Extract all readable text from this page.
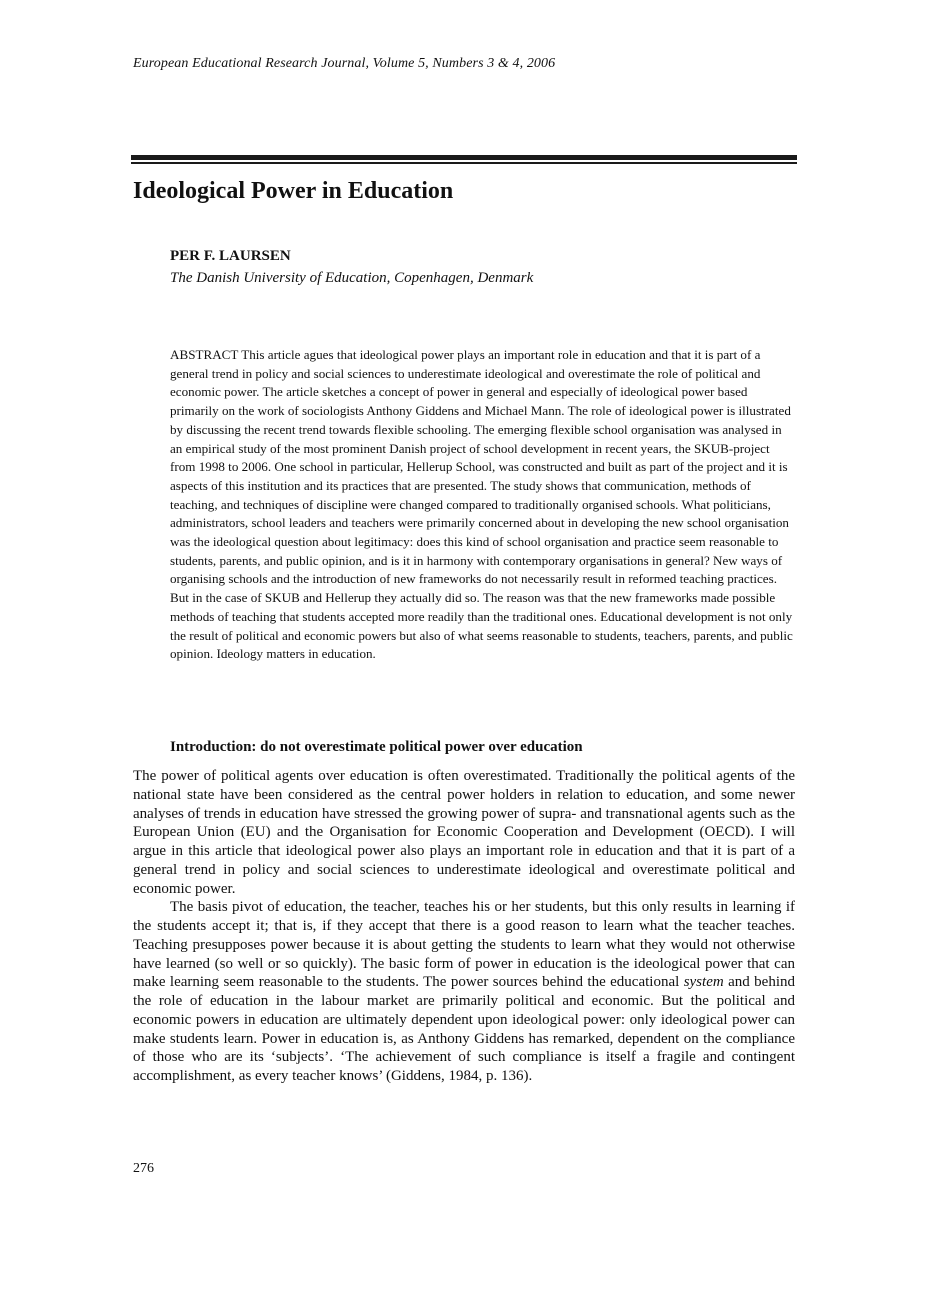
European Educational Research Journal, Volume 5, Numbers 3 & 4, 2006
Ideological Power in Education
PER F. LAURSEN
The Danish University of Education, Copenhagen, Denmark

ABSTRACT This article agues that ideological power plays an important role in education and that it is part of a general trend in policy and social sciences to underestimate ideological and overestimate the role of political and economic power. The article sketches a concept of power in general and especially of ideological power based primarily on the work of sociologists Anthony Giddens and Michael Mann. The role of ideological power is illustrated by discussing the recent trend towards flexible schooling. The emerging flexible school organisation was analysed in an empirical study of the most prominent Danish project of school development in recent years, the SKUB-project from 1998 to 2006. One school in particular, Hellerup School, was constructed and built as part of the project and it is aspects of this institution and its practices that are presented. The study shows that communication, methods of teaching, and techniques of discipline were changed compared to traditionally organised schools. What politicians, administrators, school leaders and teachers were primarily concerned about in developing the new school organisation was the ideological question about legitimacy: does this kind of school organisation and practice seem reasonable to students, parents, and public opinion, and is it in harmony with contemporary organisations in general? New ways of organising schools and the introduction of new frameworks do not necessarily result in reformed teaching practices. But in the case of SKUB and Hellerup they actually did so. The reason was that the new frameworks made possible methods of teaching that students accepted more readily than the traditional ones. Educational development is not only the result of political and economic powers but also of what seems reasonable to students, teachers, parents, and public opinion. Ideology matters in education.

Introduction: do not overestimate political power over education

The power of political agents over education is often overestimated. Traditionally the political agents of the national state have been considered as the central power holders in relation to education, and some newer analyses of trends in education have stressed the growing power of supra- and transnational agents such as the European Union (EU) and the Organisation for Economic Cooperation and Development (OECD). I will argue in this article that ideological power also plays an important role in education and that it is part of a general trend in policy and social sciences to underestimate ideological and overestimate political and economic power.

The basis pivot of education, the teacher, teaches his or her students, but this only results in learning if the students accept it; that is, if they accept that there is a good reason to learn what the teacher teaches. Teaching presupposes power because it is about getting the students to learn what they would not otherwise have learned (so well or so quickly). The basic form of power in education is the ideological power that can make learning seem reasonable to the students. The power sources behind the educational system and behind the role of education in the labour market are primarily political and economic. But the political and economic powers in education are ultimately dependent upon ideological power: only ideological power can make students learn. Power in education is, as Anthony Giddens has remarked, dependent on the compliance of those who are its ‘subjects’. ‘The achievement of such compliance is itself a fragile and contingent accomplishment, as every teacher knows’ (Giddens, 1984, p. 136).

276
